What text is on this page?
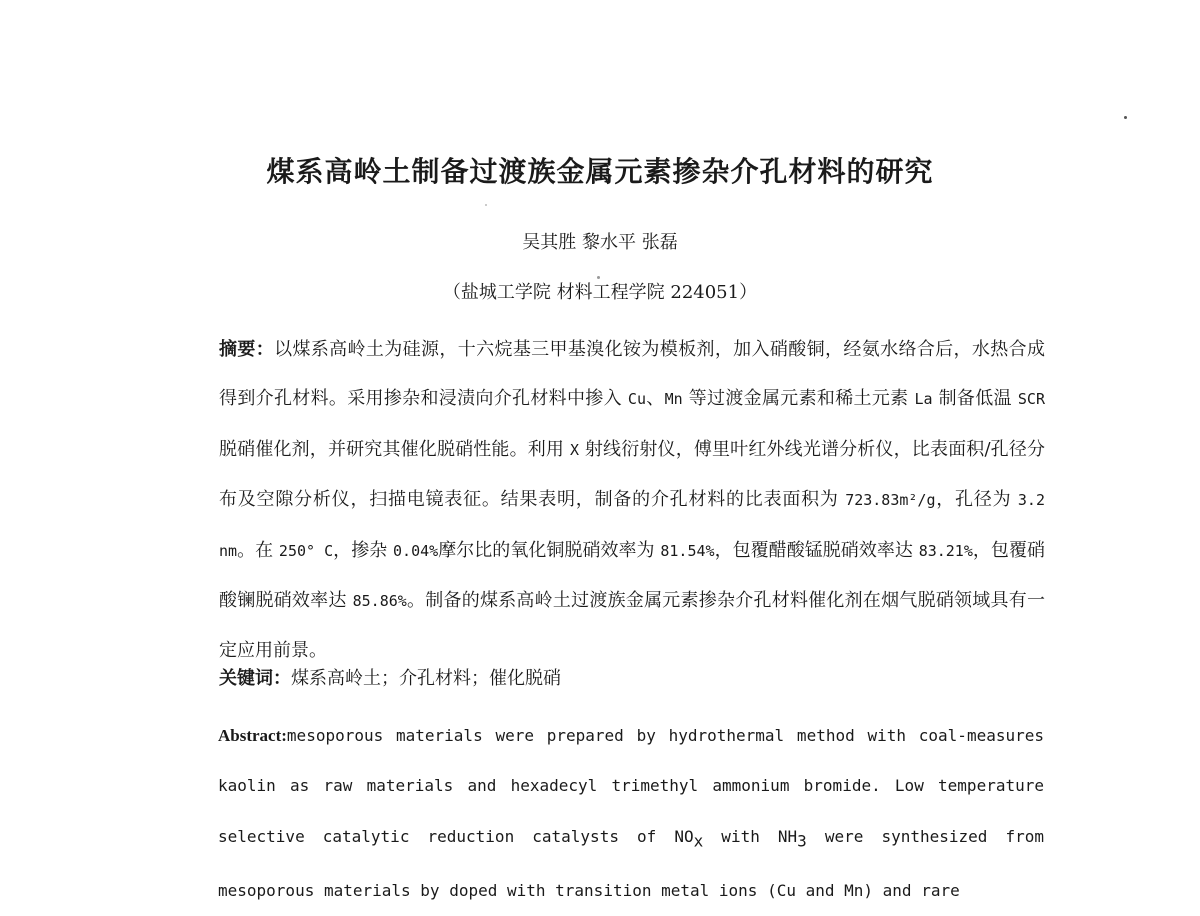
煤系高岭土制备过渡族金属元素掺杂介孔材料的研究
吴其胜 黎水平 张磊
（盐城工学院 材料工程学院 224051）

摘要：以煤系高岭土为硅源，十六烷基三甲基溴化铵为模板剂，加入硝酸铜，经氨水络合后，水热合成得到介孔材料。采用掺杂和浸渍向介孔材料中掺入 Cu、Mn 等过渡金属元素和稀土元素 La 制备低温 SCR 脱硝催化剂，并研究其催化脱硝性能。利用 X 射线衍射仪，傅里叶红外线光谱分析仪，比表面积/孔径分布及空隙分析仪，扫描电镜表征。结果表明，制备的介孔材料的比表面积为 723.83m²/g，孔径为 3.2 nm。在 250° C，掺杂 0.04%摩尔比的氧化铜脱硝效率为 81.54%，包覆醋酸锰脱硝效率达 83.21%，包覆硝酸镧脱硝效率达 85.86%。制备的煤系高岭土过渡族金属元素掺杂介孔材料催化剂在烟气脱硝领域具有一定应用前景。

关键词：煤系高岭土；介孔材料；催化脱硝

Abstract:mesoporous materials were prepared by hydrothermal method with coal-measures kaolin as raw materials and hexadecyl trimethyl ammonium bromide. Low temperature selective catalytic reduction catalysts of $NO_x$ with $NH_3$ were synthesized from mesoporous materials by doped with transition metal ions (Cu and Mn) and rare
